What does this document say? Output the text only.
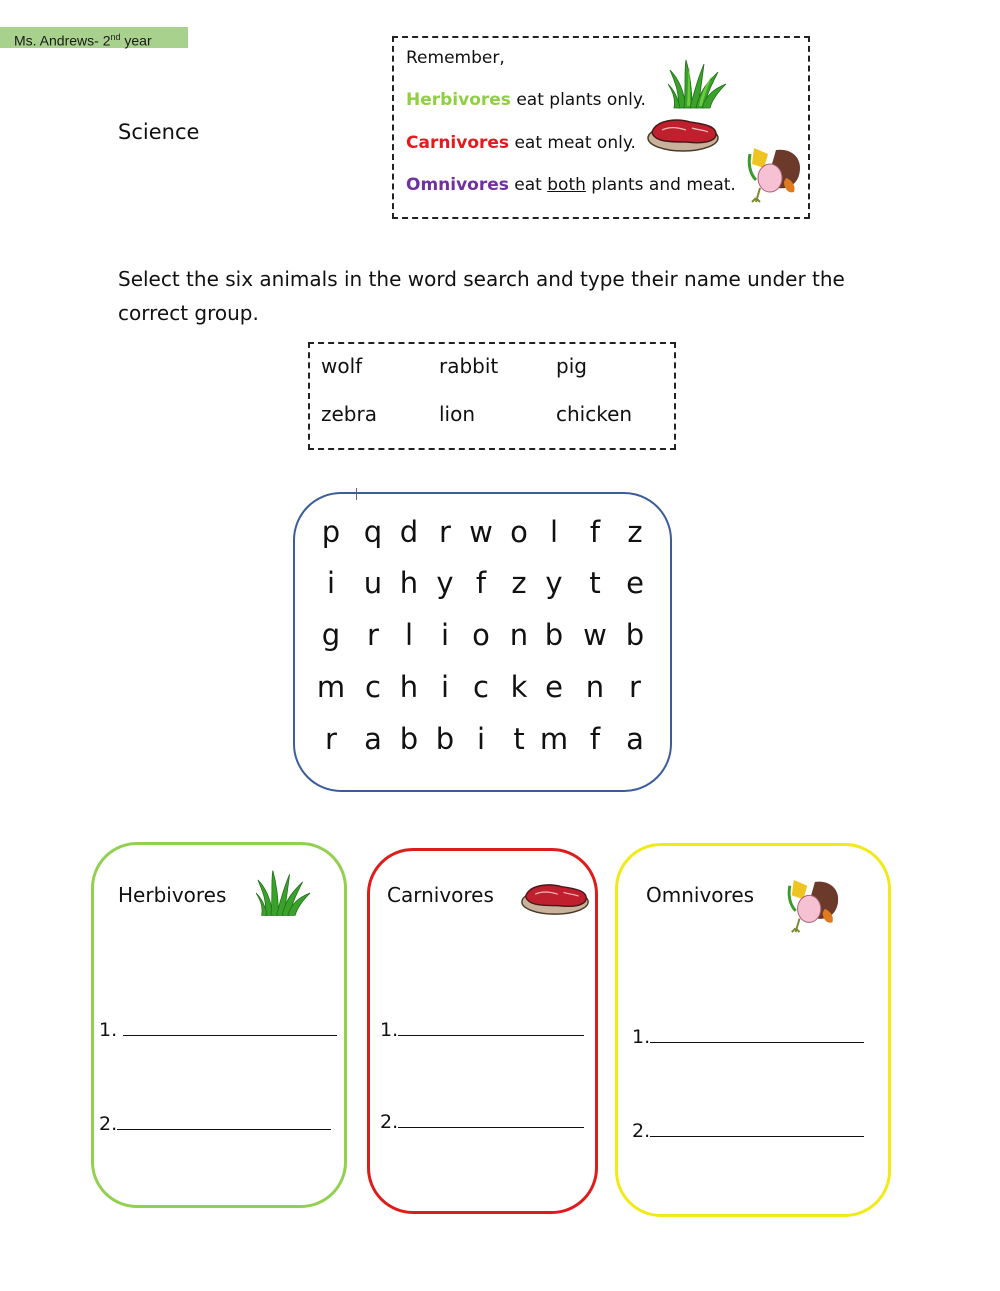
Ms. Andrews- 2nd year
Science
Remember,
Herbivores eat plants only.
Carnivores eat meat only.
Omnivores eat both plants and meat.
Select the six animals in the word search and type their name under the correct group.
wolf	rabbit	pig
zebra	lion	chicken
p q d r w o l	f z
i u h y f z y t e
g r l i o n b w b
m c h i c k e n r
r a b b i t m f a
Herbivores
1.
2.
Carnivores
1.
2.
Omnivores
1.
2.
